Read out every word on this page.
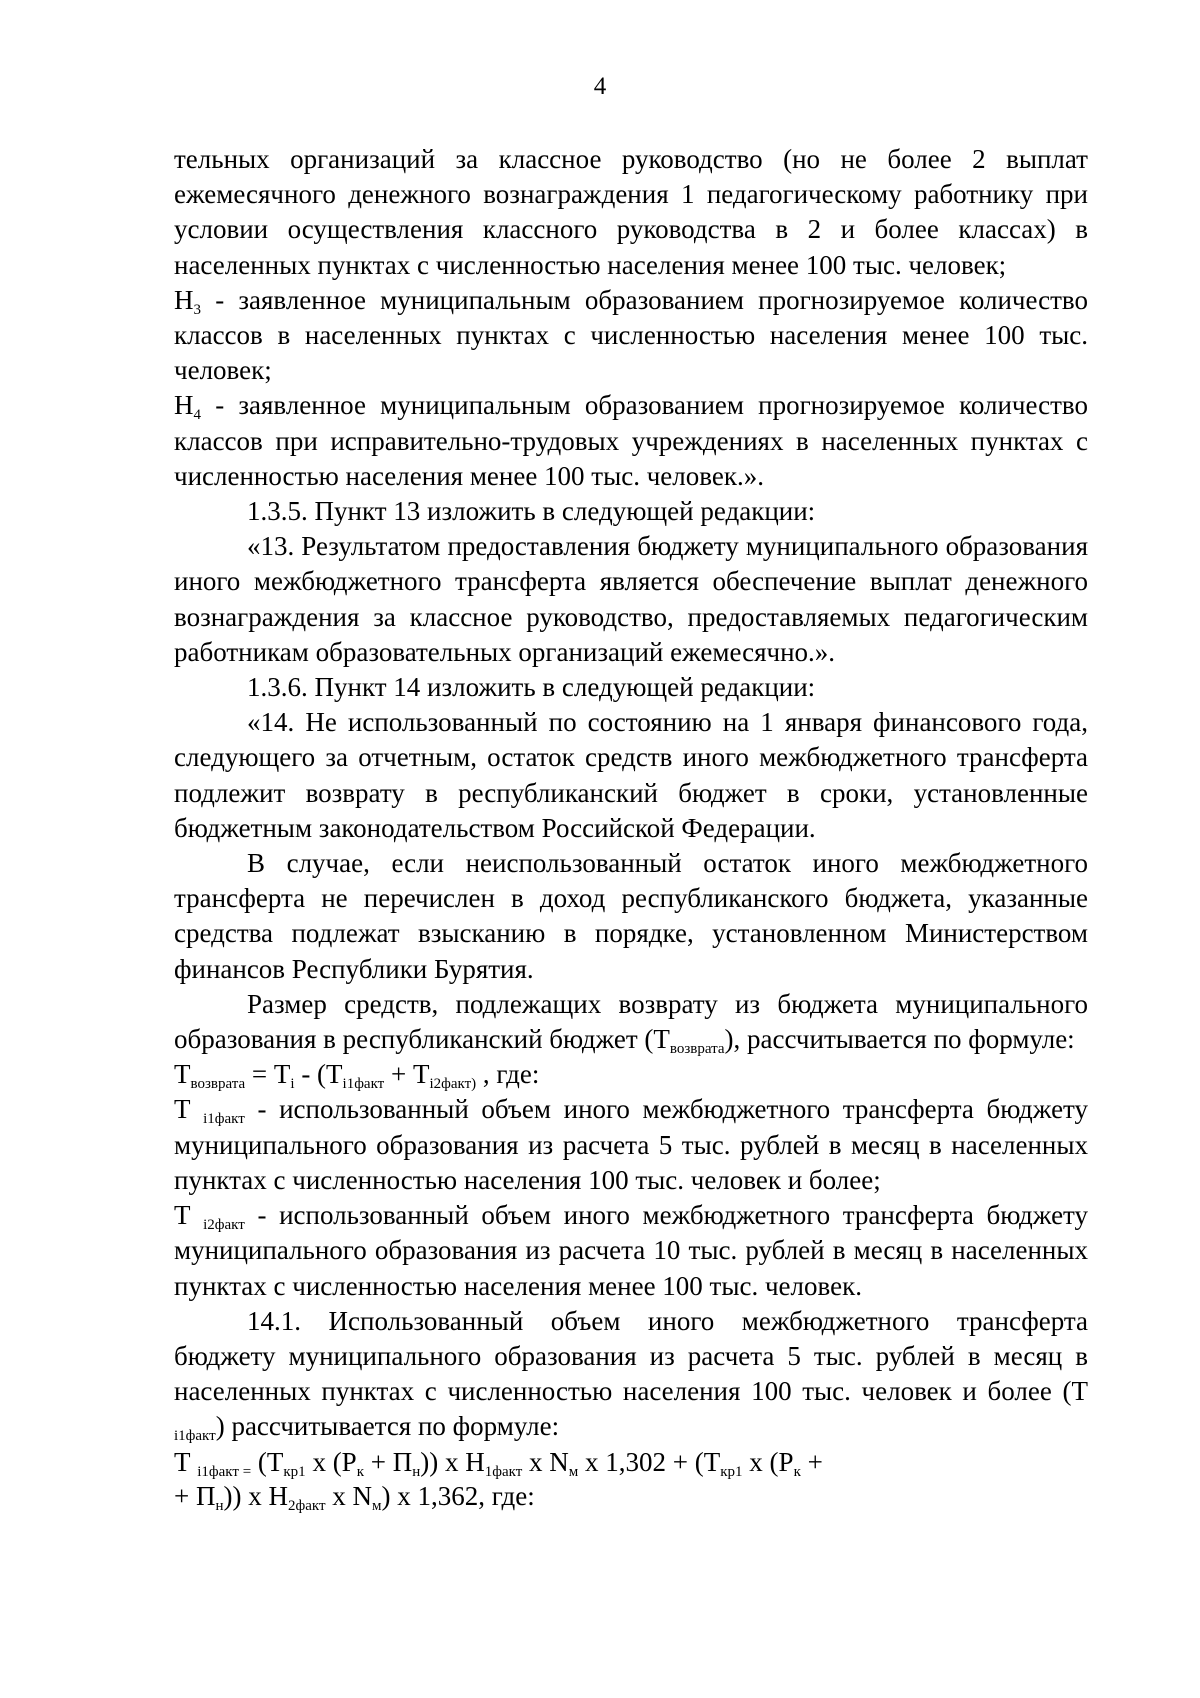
4

тельных организаций за классное руководство (но не более 2 выплат ежемесячного денежного вознаграждения 1 педагогическому работнику при условии осуществления классного руководства в 2 и более классах) в населенных пунктах с численностью населения менее 100 тыс. человек;

$Н_3$ - заявленное муниципальным образованием прогнозируемое количество классов в населенных пунктах с численностью населения менее 100 тыс. человек;

$Н_4$ - заявленное муниципальным образованием прогнозируемое количество классов при исправительно-трудовых учреждениях в населенных пунктах с численностью населения менее 100 тыс. человек.».

1.3.5. Пункт 13 изложить в следующей редакции:

«13. Результатом предоставления бюджету муниципального образования иного межбюджетного трансферта является обеспечение выплат денежного вознаграждения за классное руководство, предоставляемых педагогическим работникам образовательных организаций ежемесячно.».

1.3.6. Пункт 14 изложить в следующей редакции:

«14. Не использованный по состоянию на 1 января финансового года, следующего за отчетным, остаток средств иного межбюджетного трансферта подлежит возврату в республиканский бюджет в сроки, установленные бюджетным законодательством Российской Федерации.

В случае, если неиспользованный остаток иного межбюджетного трансферта не перечислен в доход республиканского бюджета, указанные средства подлежат взысканию в порядке, установленном Министерством финансов Республики Бурятия.

Размер средств, подлежащих возврату из бюджета муниципального образования в республиканский бюджет $(Т_{возврата})$, рассчитывается по формуле:

$Т_{возврата} = Т_i - (Т_{i1факт} + Т_{i2факт)}$ , где:

Т $_{i1факт}$ - использованный объем иного межбюджетного трансферта бюджету муниципального образования из расчета 5 тыс. рублей в месяц в населенных пунктах с численностью населения 100 тыс. человек и более;

Т $_{i2факт}$ - использованный объем иного межбюджетного трансферта бюджету муниципального образования из расчета 10 тыс. рублей в месяц в населенных пунктах с численностью населения менее 100 тыс. человек.

14.1. Использованный объем иного межбюджетного трансферта бюджету муниципального образования из расчета 5 тыс. рублей в месяц в населенных пунктах с численностью населения 100 тыс. человек и более (Т $_{i1факт}$) рассчитывается по формуле:

Т $_{i1факт =}$ ($Т_{кр1}$ х $(Р_к + П_н)$) х $Н_{1факт}$ х $N_м$ х $1,302 + (Т_{кр1}$ х ($Р_к$ +
+ $П_н$)) х $Н_{2факт}$ х $N_м$) х 1,362, где:
